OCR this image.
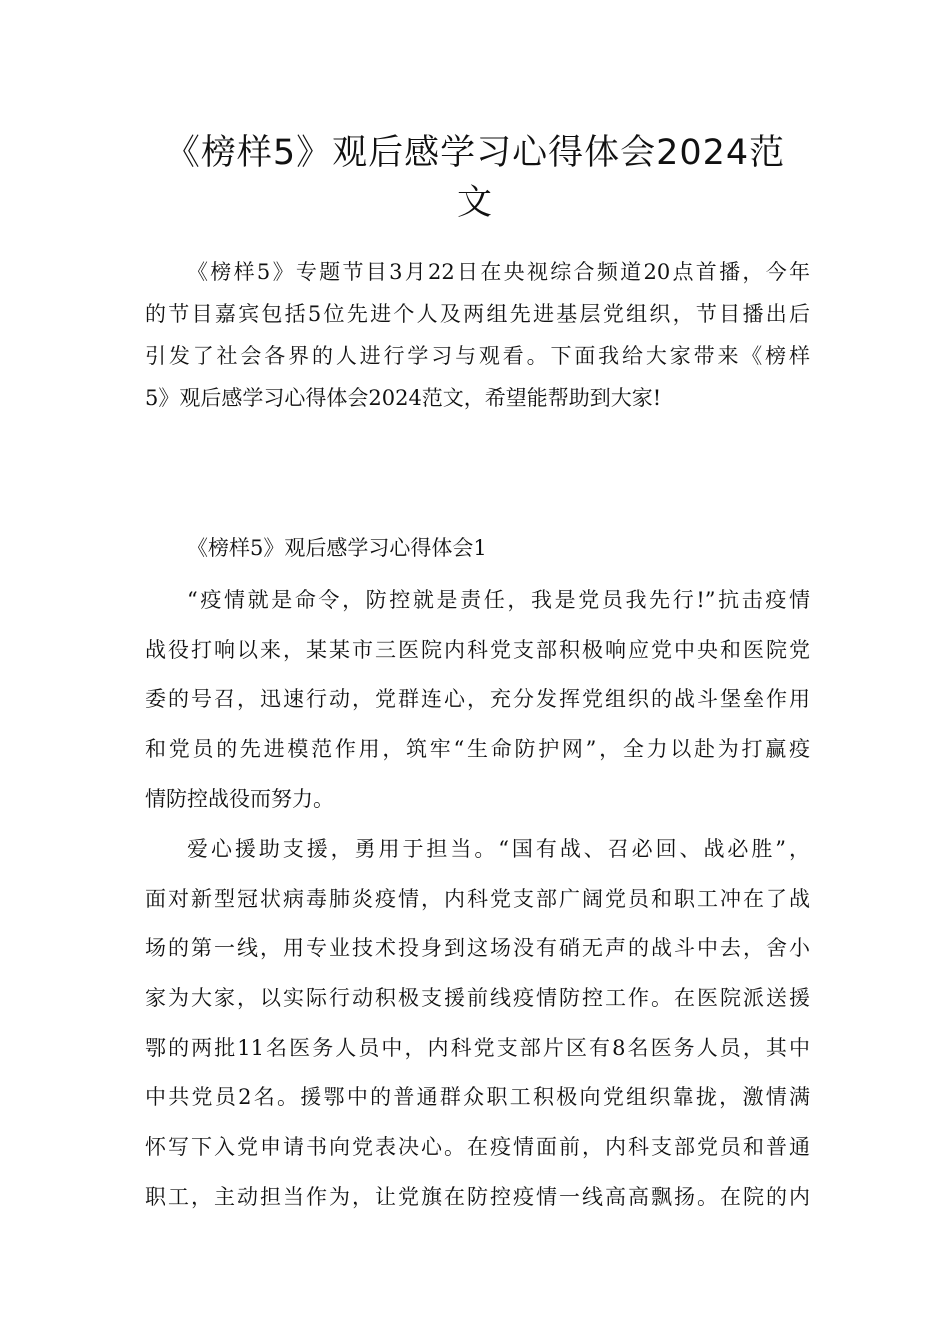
《榜样5》观后感学习心得体会2024范
文
《榜样5》专题节目3月22日在央视综合频道20点首播，今年
的节目嘉宾包括5位先进个人及两组先进基层党组织，节目播出后
引发了社会各界的人进行学习与观看。下面我给大家带来《榜样
5》观后感学习心得体会2024范文，希望能帮助到大家!
《榜样5》观后感学习心得体会1
“疫情就是命令，防控就是责任，我是党员我先行!”抗击疫情
战役打响以来，某某市三医院内科党支部积极响应党中央和医院党
委的号召，迅速行动，党群连心，充分发挥党组织的战斗堡垒作用
和党员的先进模范作用，筑牢“生命防护网”，全力以赴为打赢疫
情防控战役而努力。
爱心援助支援，勇用于担当。“国有战、召必回、战必胜”，
面对新型冠状病毒肺炎疫情，内科党支部广阔党员和职工冲在了战
场的第一线，用专业技术投身到这场没有硝无声的战斗中去，舍小
家为大家，以实际行动积极支援前线疫情防控工作。在医院派送援
鄂的两批11名医务人员中，内科党支部片区有8名医务人员，其中
中共党员2名。援鄂中的普通群众职工积极向党组织靠拢，激情满
怀写下入党申请书向党表决心。在疫情面前，内科支部党员和普通
职工，主动担当作为，让党旗在防控疫情一线高高飘扬。在院的内
